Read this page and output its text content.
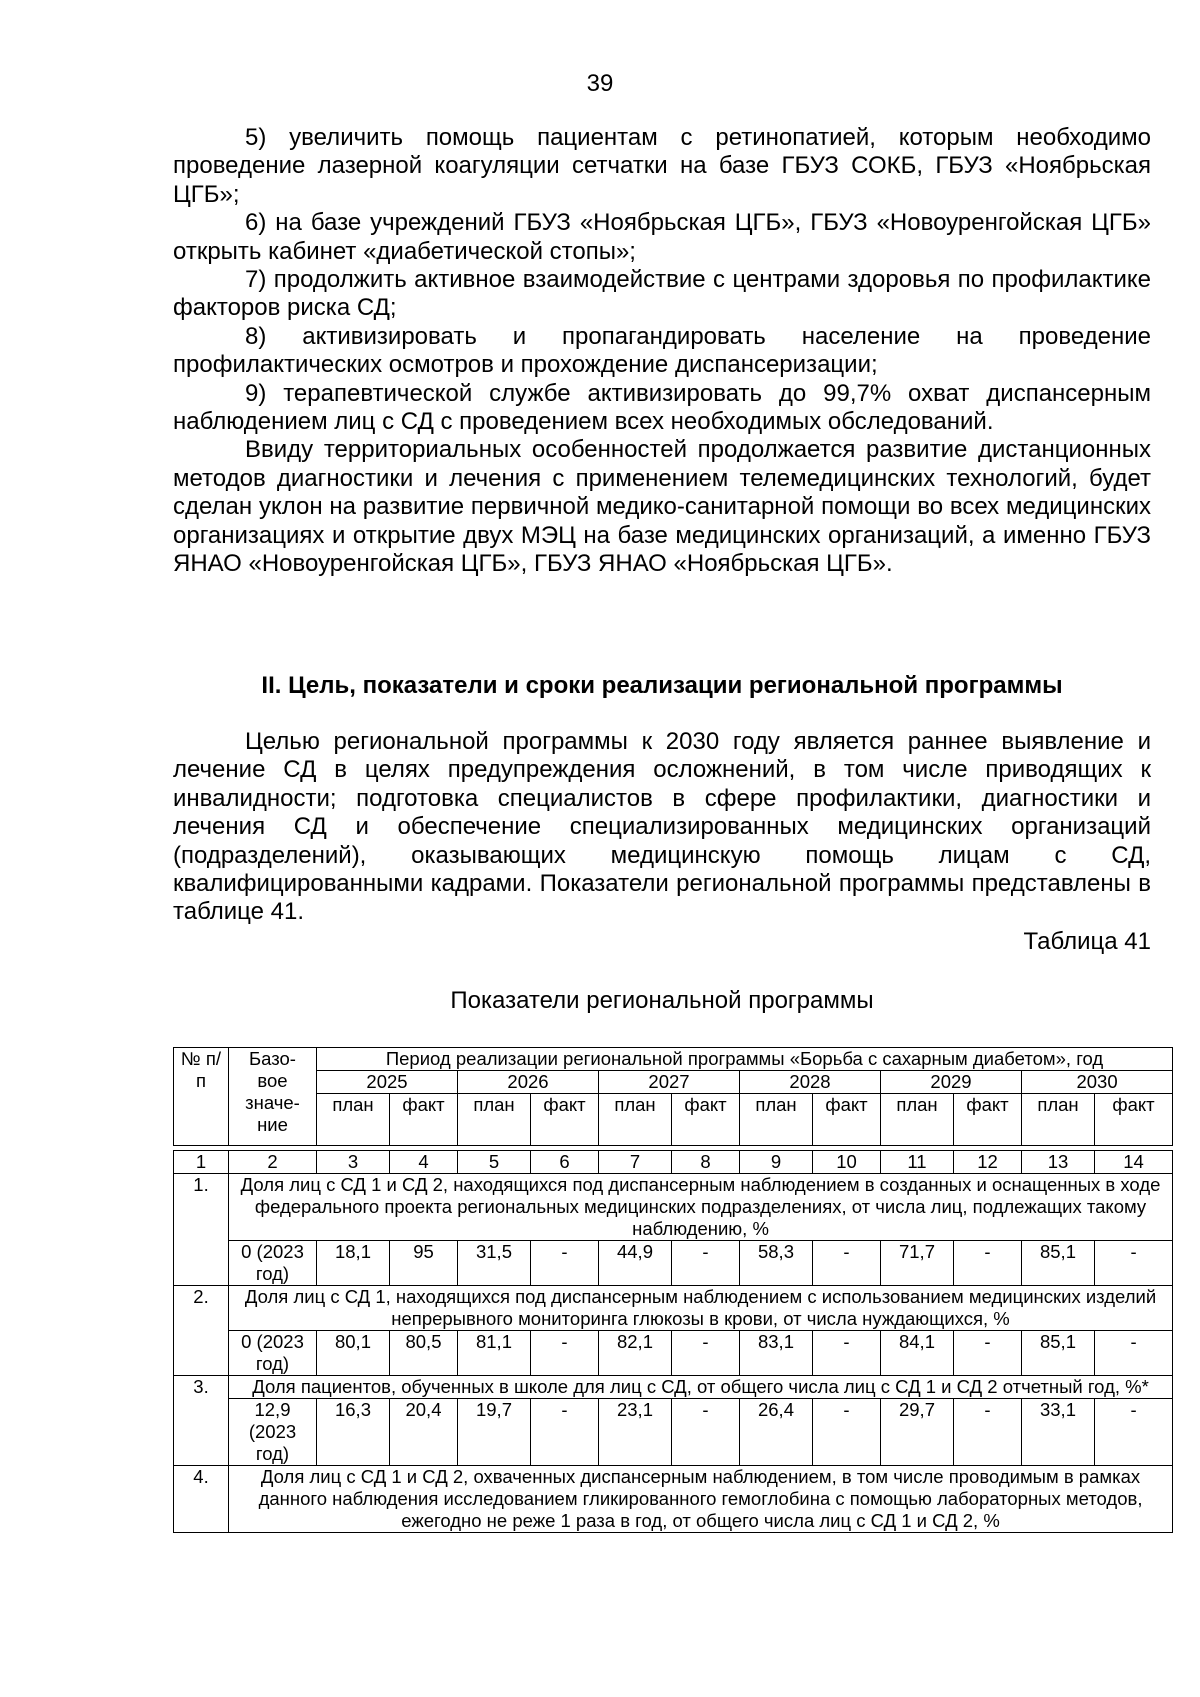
39

5) увеличить помощь пациентам с ретинопатией, которым необходимо проведение лазерной коагуляции сетчатки на базе ГБУЗ СОКБ, ГБУЗ «Ноябрьская ЦГБ»;

6) на базе учреждений ГБУЗ «Ноябрьская ЦГБ», ГБУЗ «Новоуренгойская ЦГБ» открыть кабинет «диабетической стопы»;

7) продолжить активное взаимодействие с центрами здоровья по профилактике факторов риска СД;

8) активизировать и пропагандировать население на проведение профилактических осмотров и прохождение диспансеризации;

9) терапевтической службе активизировать до 99,7% охват диспансерным наблюдением лиц с СД с проведением всех необходимых обследований.

Ввиду территориальных особенностей продолжается развитие дистанционных методов диагностики и лечения с применением телемедицинских технологий, будет сделан уклон на развитие первичной медико-санитарной помощи во всех медицинских организациях и открытие двух МЭЦ на базе медицинских организаций, а именно ГБУЗ ЯНАО «Новоуренгойская ЦГБ», ГБУЗ ЯНАО «Ноябрьская ЦГБ».

II. Цель, показатели и сроки реализации региональной программы

Целью региональной программы к 2030 году является раннее выявление и лечение СД в целях предупреждения осложнений, в том числе приводящих к инвалидности; подготовка специалистов в сфере профилактики, диагностики и лечения СД и обеспечение специализированных медицинских организаций (подразделений), оказывающих медицинскую помощь лицам с СД, квалифицированными кадрами. Показатели региональной программы представлены в таблице 41.

Таблица 41
Показатели региональной программы
№ п/п	Базо- вое значе- ние	Период реализации региональной программы «Борьба с сахарным диабетом», год											
		2025		2026		2027		2028		2029		2030	
		план	факт	план	факт	план	факт	план	факт	план	факт	план	факт

1	2	3	4	5	6	7	8	9	10	11	12	13	14
1.	Доля лиц с СД 1 и СД 2, находящихся под диспансерным наблюдением в созданных и оснащенных в ходе федерального проекта региональных медицинских подразделениях, от числа лиц, подлежащих такому наблюдению, %												
	0 (2023 год)	18,1	95	31,5	-	44,9	-	58,3	-	71,7	-	85,1	-
2.	Доля лиц с СД 1, находящихся под диспансерным наблюдением с использованием медицинских изделий непрерывного мониторинга глюкозы в крови, от числа нуждающихся, %												
	0 (2023 год)	80,1	80,5	81,1	-	82,1	-	83,1	-	84,1	-	85,1	-
3.	Доля пациентов, обученных в школе для лиц с СД, от общего числа лиц с СД 1 и СД 2 отчетный год, %*												
	12,9 (2023 год)	16,3	20,4	19,7	-	23,1	-	26,4	-	29,7	-	33,1	-
4.	Доля лиц с СД 1 и СД 2, охваченных диспансерным наблюдением, в том числе проводимым в рамках данного наблюдения исследованием гликированного гемоглобина с помощью лабораторных методов, ежегодно не реже 1 раза в год, от общего числа лиц с СД 1 и СД 2, %												
